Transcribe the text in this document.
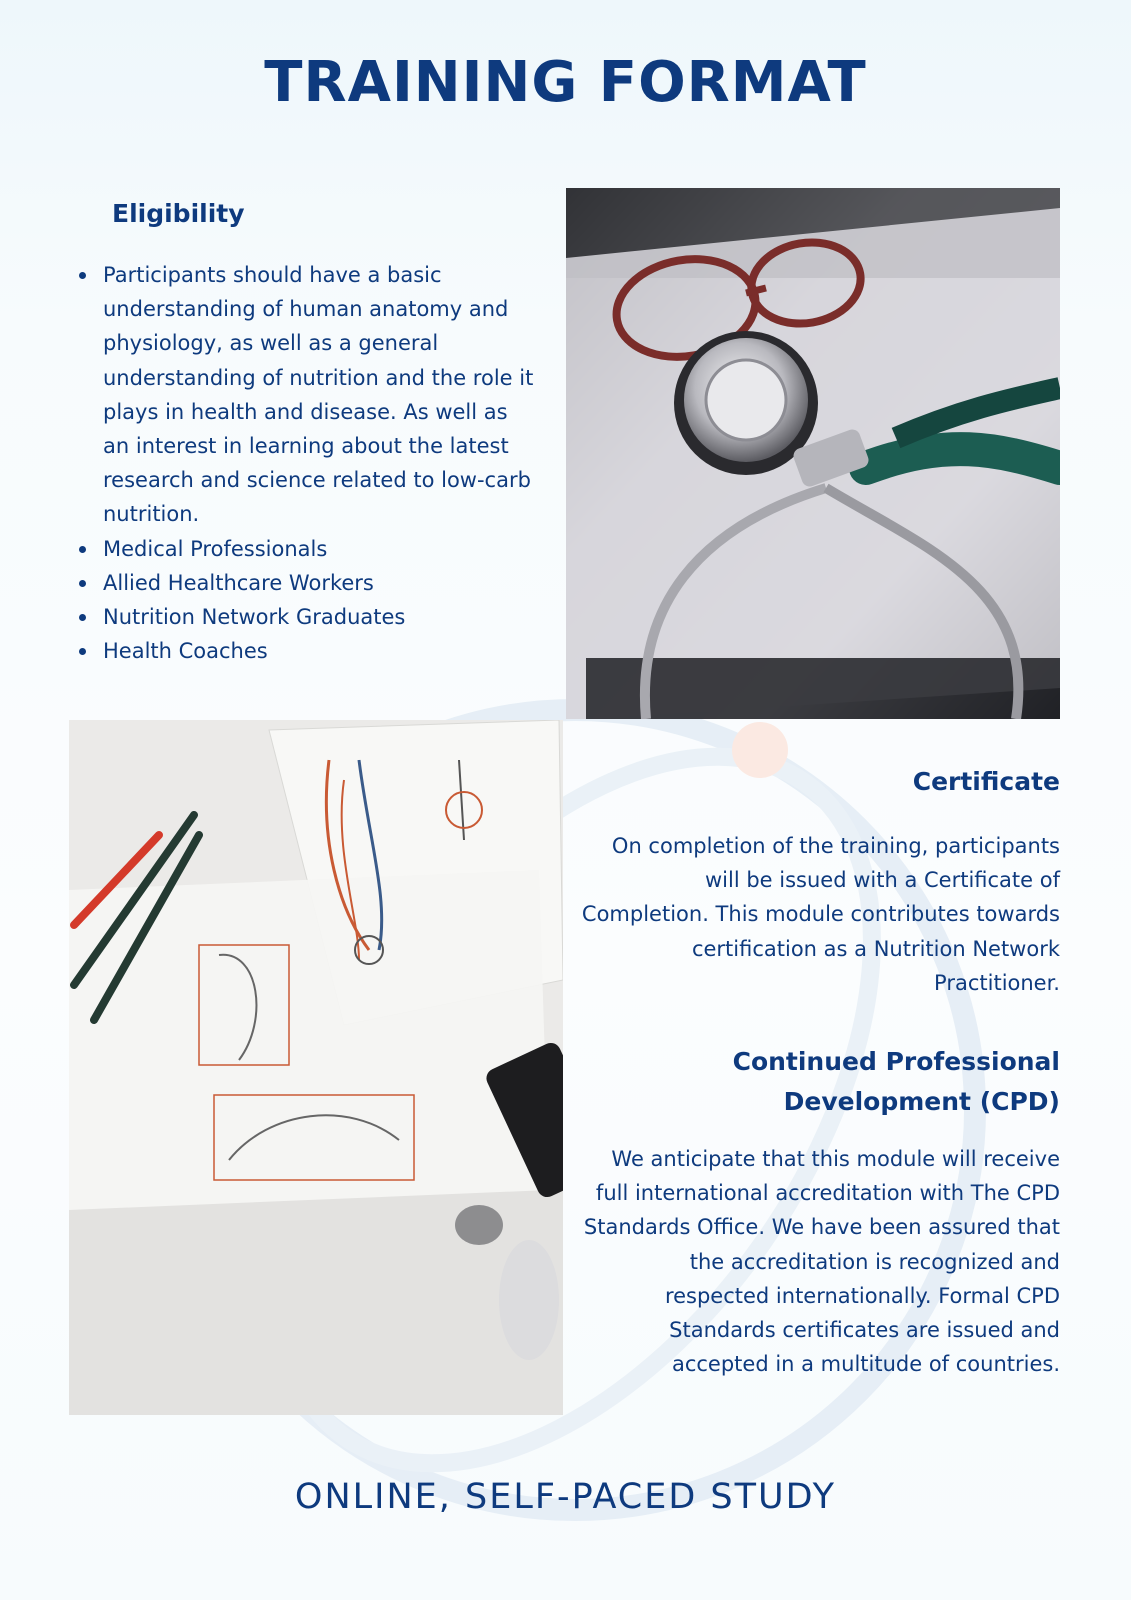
TRAINING FORMAT
Eligibility
Participants should have a basic understanding of human anatomy and physiology, as well as a general understanding of nutrition and the role it plays in health and disease. As well as an interest in learning about the latest research and science related to low-carb nutrition.
Medical Professionals
Allied Healthcare Workers
Nutrition Network Graduates
Health Coaches
Certificate

On completion of the training, participants will be issued with a Certificate of Completion. This module contributes towards certification as a Nutrition Network Practitioner.

Continued Professional Development (CPD)

We anticipate that this module will receive full international accreditation with The CPD Standards Office. We have been assured that the accreditation is recognized and respected internationally. Formal CPD Standards certificates are issued and accepted in a multitude of countries.

ONLINE, SELF-PACED STUDY
